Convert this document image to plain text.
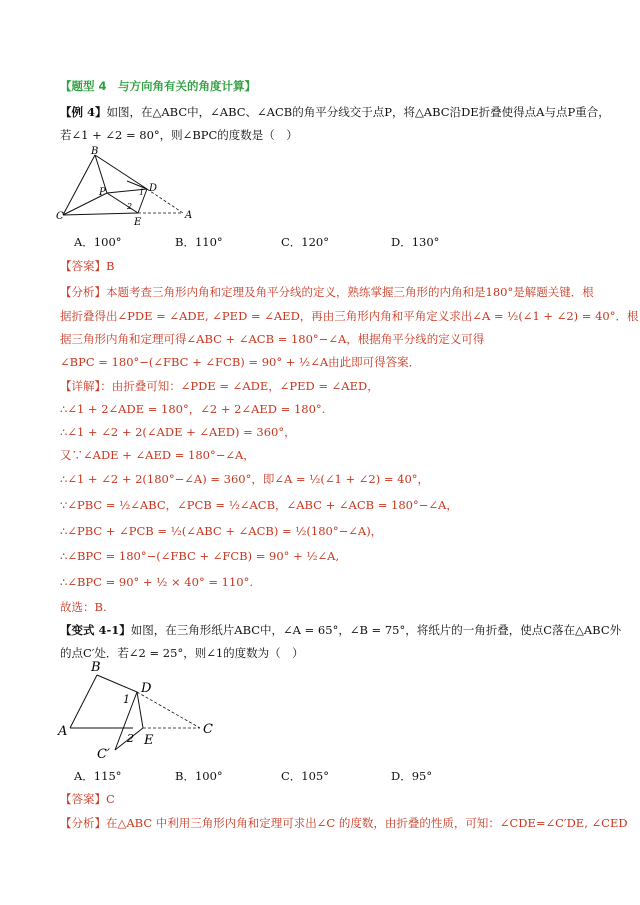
【题型 4　与方向角有关的角度计算】
【例 4】如图，在△ABC中，∠ABC、∠ACB的角平分线交于点P，将△ABC沿DE折叠使得点A与点P重合，
若∠1 + ∠2 = 80°，则∠BPC的度数是（　）
B
P	D
C
E
A
1
2
A．100°	B．110°	C．120°	D．130°
【答案】B
【分析】本题考查三角形内角和定理及角平分线的定义，熟练掌握三角形的内角和是180°是解题关键．根
据折叠得出∠PDE = ∠ADE, ∠PED = ∠AED，再由三角形内角和平角定义求出∠A = ½(∠1 + ∠2) = 40°．根
据三角形内角和定理可得∠ABC + ∠ACB = 180°−∠A，根据角平分线的定义可得
∠BPC = 180°−(∠FBC + ∠FCB) = 90° + ½∠A由此即可得答案．
【详解】：由折叠可知：∠PDE = ∠ADE，∠PED = ∠AED，
∴∠1 + 2∠ADE = 180°，∠2 + 2∠AED = 180°.
∴∠1 + ∠2 + 2(∠ADE + ∠AED) = 360°，
又∵∠ADE + ∠AED = 180°−∠A，
∴∠1 + ∠2 + 2(180°−∠A) = 360°，即∠A = ½(∠1 + ∠2) = 40°，
∵∠PBC = ½∠ABC，∠PCB = ½∠ACB，∠ABC + ∠ACB = 180°−∠A，
∴∠PBC + ∠PCB = ½(∠ABC + ∠ACB) = ½(180°−∠A)，
∴∠BPC = 180°−(∠FBC + ∠FCB) = 90° + ½∠A,
∴∠BPC = 90° + ½ × 40° = 110°.
故选：B.
【变式 4-1】如图，在三角形纸片ABC中，∠A = 65°，∠B = 75°，将纸片的一角折叠，使点C落在△ABC外
的点C′处．若∠2 = 25°，则∠1的度数为（　）
B
D
1
A	C
2 E
C′
A．115°	B．100°	C．105°	D．95°
【答案】C
【分析】在△ABC 中利用三角形内角和定理可求出∠C 的度数，由折叠的性质，可知：∠CDE=∠C′DE, ∠CED
